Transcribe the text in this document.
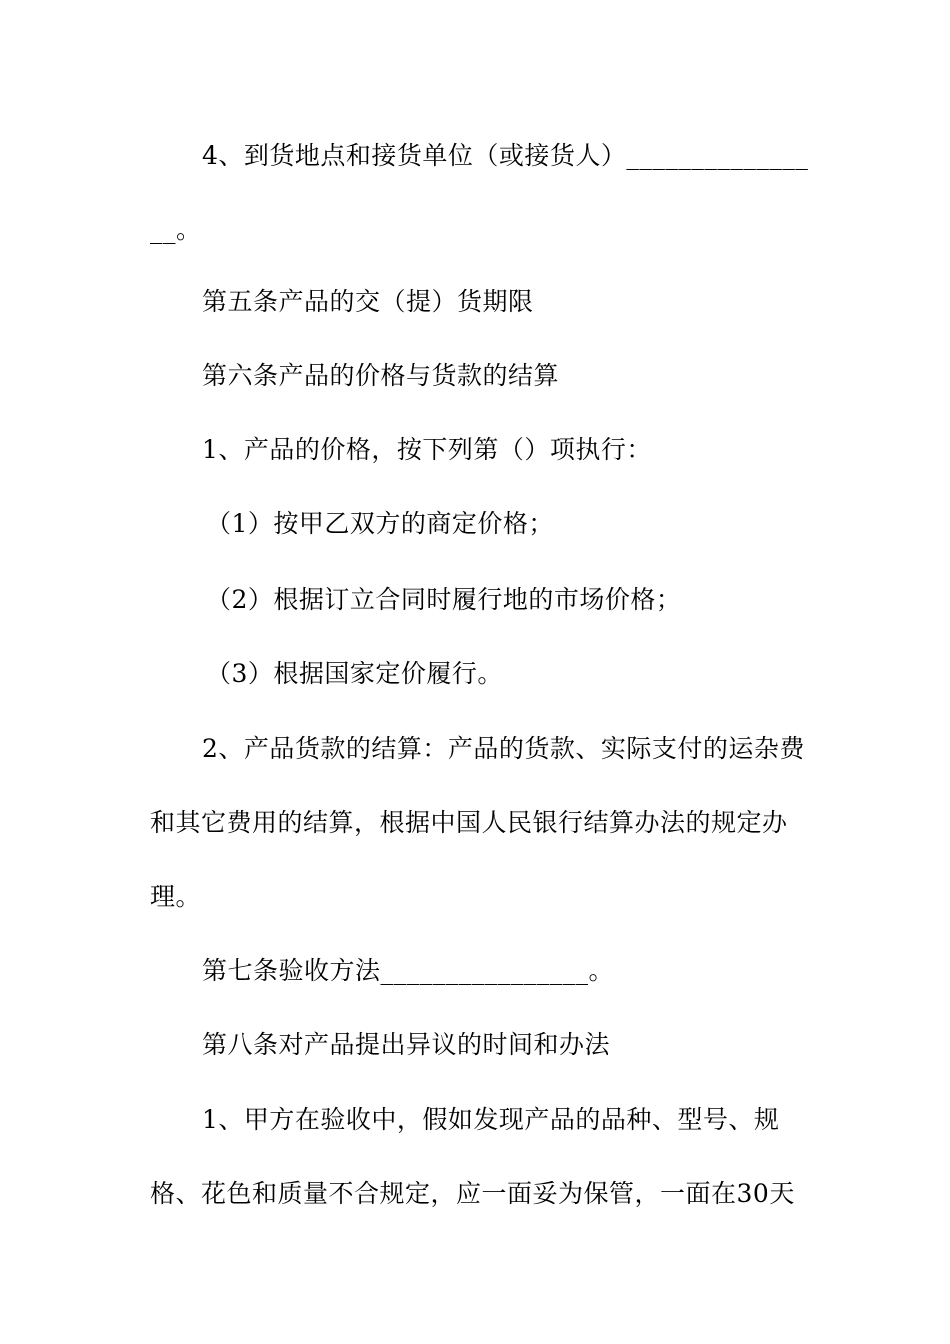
4、到货地点和接货单位（或接货人）______________
__。
第五条产品的交（提）货期限
第六条产品的价格与货款的结算
1、产品的价格，按下列第（）项执行：
（1）按甲乙双方的商定价格；
（2）根据订立合同时履行地的市场价格；
（3）根据国家定价履行。
2、产品货款的结算：产品的货款、实际支付的运杂费
和其它费用的结算，根据中国人民银行结算办法的规定办
理。
第七条验收方法________________。
第八条对产品提出异议的时间和办法
1、甲方在验收中，假如发现产品的品种、型号、规
格、花色和质量不合规定，应一面妥为保管，一面在30天
